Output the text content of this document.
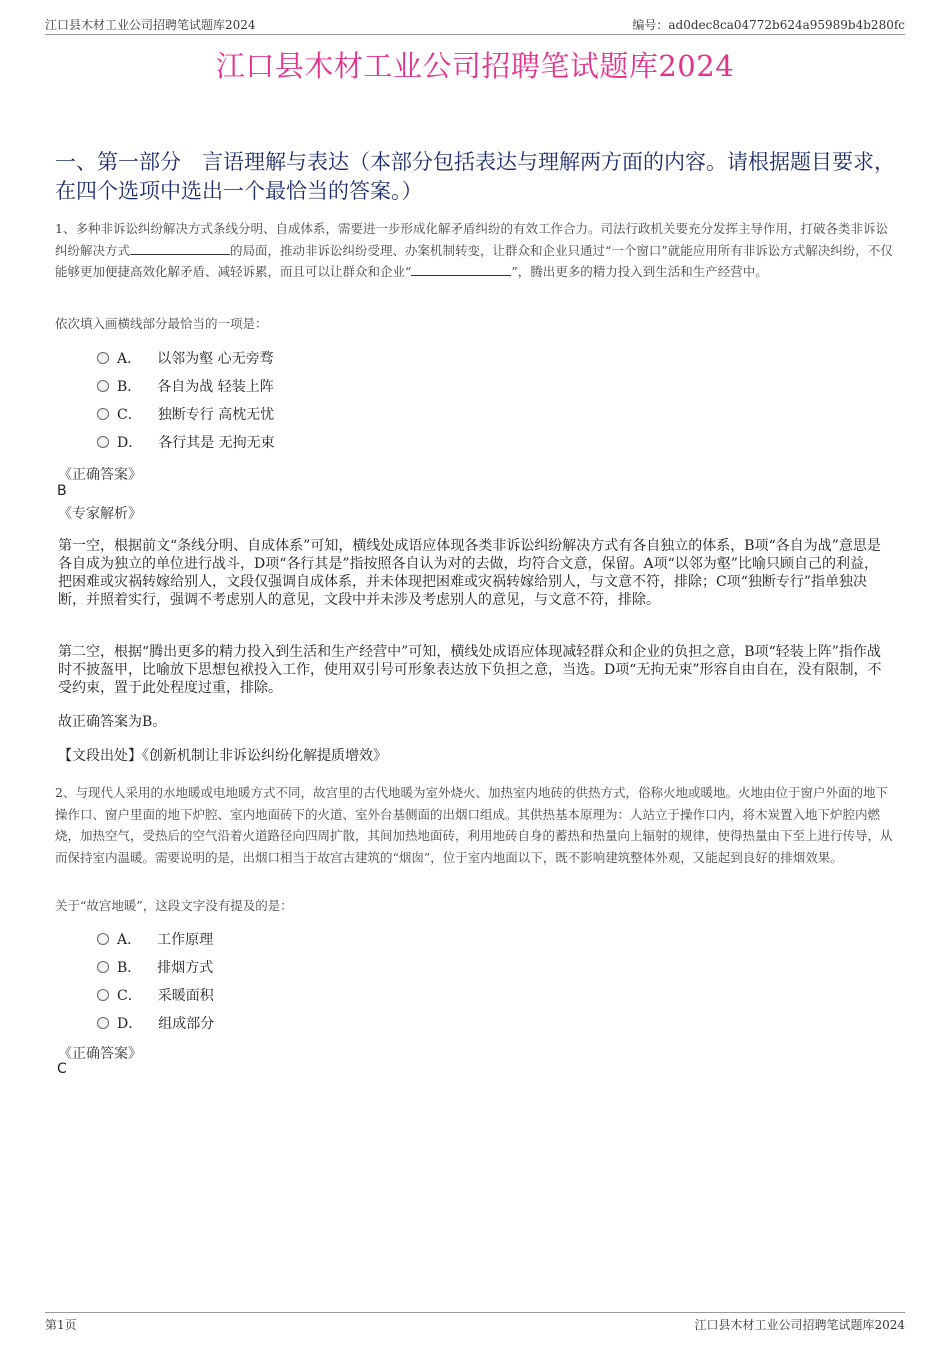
江口县木材工业公司招聘笔试题库2024	编号：ad0dec8ca04772b624a95989b4b280fc
江口县木材工业公司招聘笔试题库2024
一、第一部分　言语理解与表达（本部分包括表达与理解两方面的内容。请根据题目要求，在四个选项中选出一个最恰当的答案。）
1、多种非诉讼纠纷解决方式条线分明、自成体系，需要进一步形成化解矛盾纠纷的有效工作合力。司法行政机关要充分发挥主导作用，打破各类非诉讼纠纷解决方式	的局面，推动非诉讼纠纷受理、办案机制转变，让群众和企业只通过“一个窗口”就能应用所有非诉讼方式解决纠纷，不仅能够更加便捷高效化解矛盾、减轻诉累，而且可以让群众和企业“	”，腾出更多的精力投入到生活和生产经营中。
依次填入画横线部分最恰当的一项是：
A． 以邻为壑 心无旁骛
B． 各自为战 轻装上阵
C． 独断专行 高枕无忧
D． 各行其是 无拘无束
《正确答案》
B
《专家解析》
第一空，根据前文“条线分明、自成体系”可知，横线处成语应体现各类非诉讼纠纷解决方式有各自独立的体系，B项“各自为战”意思是各自成为独立的单位进行战斗，D项“各行其是”指按照各自认为对的去做，均符合文意，保留。A项“以邻为壑”比喻只顾自己的利益，把困难或灾祸转嫁给别人，文段仅强调自成体系，并未体现把困难或灾祸转嫁给别人，与文意不符，排除；C项“独断专行”指单独决断，并照着实行，强调不考虑别人的意见，文段中并未涉及考虑别人的意见，与文意不符，排除。
第二空，根据“腾出更多的精力投入到生活和生产经营中”可知，横线处成语应体现减轻群众和企业的负担之意，B项“轻装上阵”指作战时不披盔甲，比喻放下思想包袱投入工作，使用双引号可形象表达放下负担之意，当选。D项“无拘无束”形容自由自在，没有限制，不受约束，置于此处程度过重，排除。
故正确答案为B。
【文段出处】《创新机制让非诉讼纠纷化解提质增效》
2、与现代人采用的水地暖或电地暖方式不同，故宫里的古代地暖为室外烧火、加热室内地砖的供热方式，俗称火地或暖地。火地由位于窗户外面的地下操作口、窗户里面的地下炉腔、室内地面砖下的火道、室外台基侧面的出烟口组成。其供热基本原理为：人站立于操作口内，将木炭置入地下炉腔内燃烧，加热空气，受热后的空气沿着火道路径向四周扩散，其间加热地面砖，利用地砖自身的蓄热和热量向上辐射的规律，使得热量由下至上进行传导，从而保持室内温暖。需要说明的是，出烟口相当于故宫古建筑的“烟囱”，位于室内地面以下，既不影响建筑整体外观，又能起到良好的排烟效果。
关于“故宫地暖”，这段文字没有提及的是：
A． 工作原理
B． 排烟方式
C． 采暖面积
D． 组成部分
《正确答案》
C
第1页	江口县木材工业公司招聘笔试题库2024
